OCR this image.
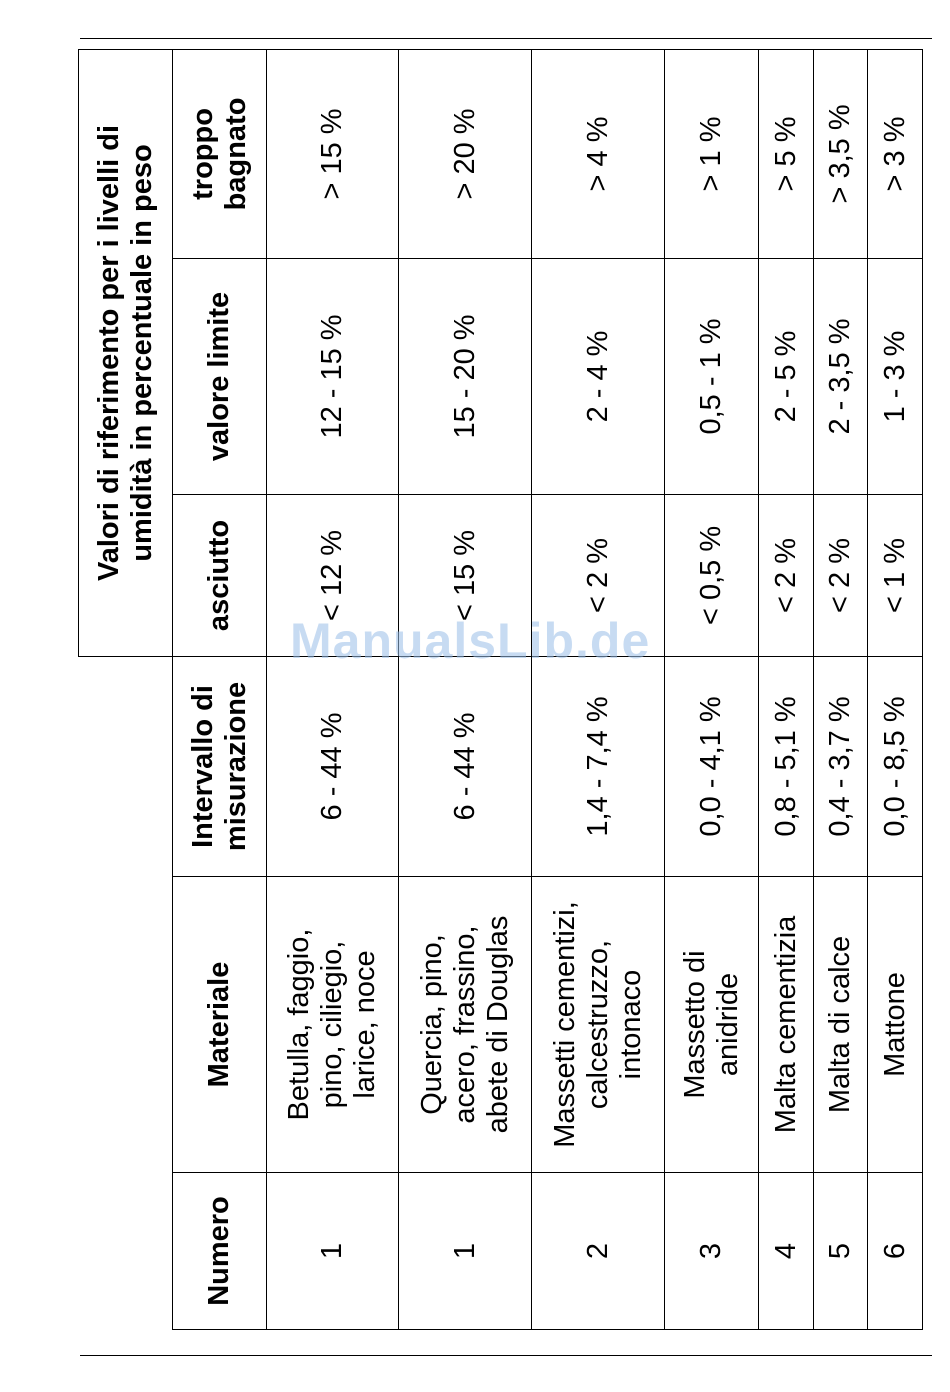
			Valori di riferimento per i livelli di umidità in percentuale in peso		

Numero	Materiale	Intervallo di misurazione	asciutto	valore limite	troppo bagnato

1	Betulla, faggio, pino, ciliegio, larice, noce	6 - 44 %	< 12 %	12 - 15 %	> 15 %
1	Quercia, pino, acero, frassino, abete di Douglas	6 - 44 %	< 15 %	15 - 20 %	> 20 %
2	Massetti cementizi, calcestruzzo, intonaco	1,4 - 7,4 %	< 2 %	2 - 4 %	> 4 %
3	Massetto di anidride	0,0 - 4,1 %	< 0,5 %	0,5 - 1 %	> 1 %
4	Malta cementizia	0,8 - 5,1 %	< 2 %	2 - 5 %	> 5 %
5	Malta di calce	0,4 - 3,7 %	< 2 %	2 - 3,5 %	> 3,5 %
6	Mattone	0,0 - 8,5 %	< 1 %	1 - 3 %	> 3 %
ManualsLib.de
